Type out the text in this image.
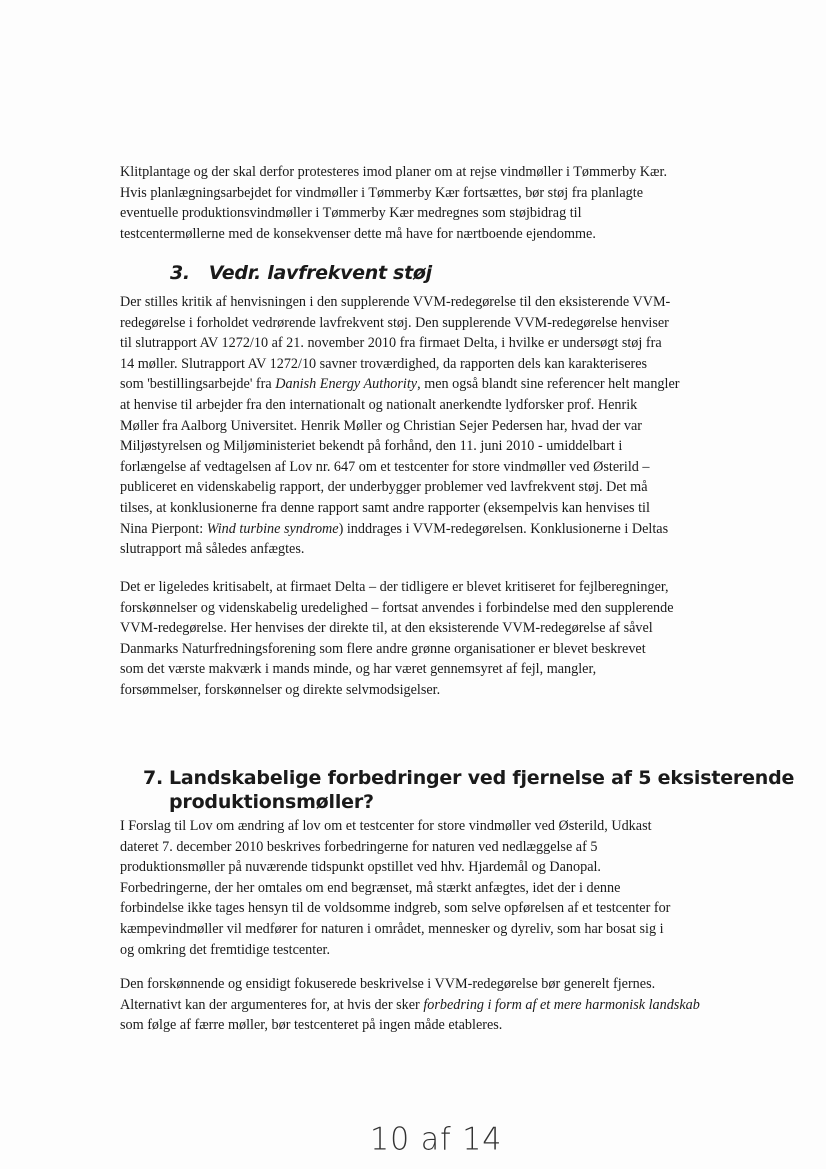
Klitplantage og der skal derfor protesteres imod planer om at rejse vindmøller i Tømmerby Kær.
Hvis planlægningsarbejdet for vindmøller i Tømmerby Kær fortsættes, bør støj fra planlagte
eventuelle produktionsvindmøller i Tømmerby Kær medregnes som støjbidrag til
testcentermøllerne med de konsekvenser dette må have for nærtboende ejendomme.
3.   Vedr. lavfrekvent støj
Der stilles kritik af henvisningen i den supplerende VVM-redegørelse til den eksisterende VVM-
redegørelse i forholdet vedrørende lavfrekvent støj. Den supplerende VVM-redegørelse henviser
til slutrapport AV 1272/10 af 21. november 2010 fra firmaet Delta, i hvilke er undersøgt støj fra
14 møller. Slutrapport AV 1272/10 savner troværdighed, da rapporten dels kan karakteriseres
som 'bestillingsarbejde' fra Danish Energy Authority, men også blandt sine referencer helt mangler
at henvise til arbejder fra den internationalt og nationalt anerkendte lydforsker prof. Henrik
Møller fra Aalborg Universitet. Henrik Møller og Christian Sejer Pedersen har, hvad der var
Miljøstyrelsen og Miljøministeriet bekendt på forhånd, den 11. juni 2010 - umiddelbart i
forlængelse af vedtagelsen af Lov nr. 647 om et testcenter for store vindmøller ved Østerild –
publiceret en videnskabelig rapport, der underbygger problemer ved lavfrekvent støj. Det må
tilses, at konklusionerne fra denne rapport samt andre rapporter (eksempelvis kan henvises til
Nina Pierpont: Wind turbine syndrome) inddrages i VVM-redegørelsen. Konklusionerne i Deltas
slutrapport må således anfægtes.
Det er ligeledes kritisabelt, at firmaet Delta – der tidligere er blevet kritiseret for fejlberegninger,
forskønnelser og videnskabelig uredelighed – fortsat anvendes i forbindelse med den supplerende
VVM-redegørelse. Her henvises der direkte til, at den eksisterende VVM-redegørelse af såvel
Danmarks Naturfredningsforening som flere andre grønne organisationer er blevet beskrevet
som det værste makværk i mands minde, og har været gennemsyret af fejl, mangler,
forsømmelser, forskønnelser og direkte selvmodsigelser.
7. Landskabelige forbedringer ved fjernelse af 5 eksisterende
produktionsmøller?
I Forslag til Lov om ændring af lov om et testcenter for store vindmøller ved Østerild, Udkast
dateret 7. december 2010 beskrives forbedringerne for naturen ved nedlæggelse af 5
produktionsmøller på nuværende tidspunkt opstillet ved hhv. Hjardemål og Danopal.
Forbedringerne, der her omtales om end begrænset, må stærkt anfægtes, idet der i denne
forbindelse ikke tages hensyn til de voldsomme indgreb, som selve opførelsen af et testcenter for
kæmpevindmøller vil medfører for naturen i området, mennesker og dyreliv, som har bosat sig i
og omkring det fremtidige testcenter.
Den forskønnende og ensidigt fokuserede beskrivelse i VVM-redegørelse bør generelt fjernes.
Alternativt kan der argumenteres for, at hvis der sker forbedring i form af et mere harmonisk landskab
som følge af færre møller, bør testcenteret på ingen måde etableres.
10 af 14
